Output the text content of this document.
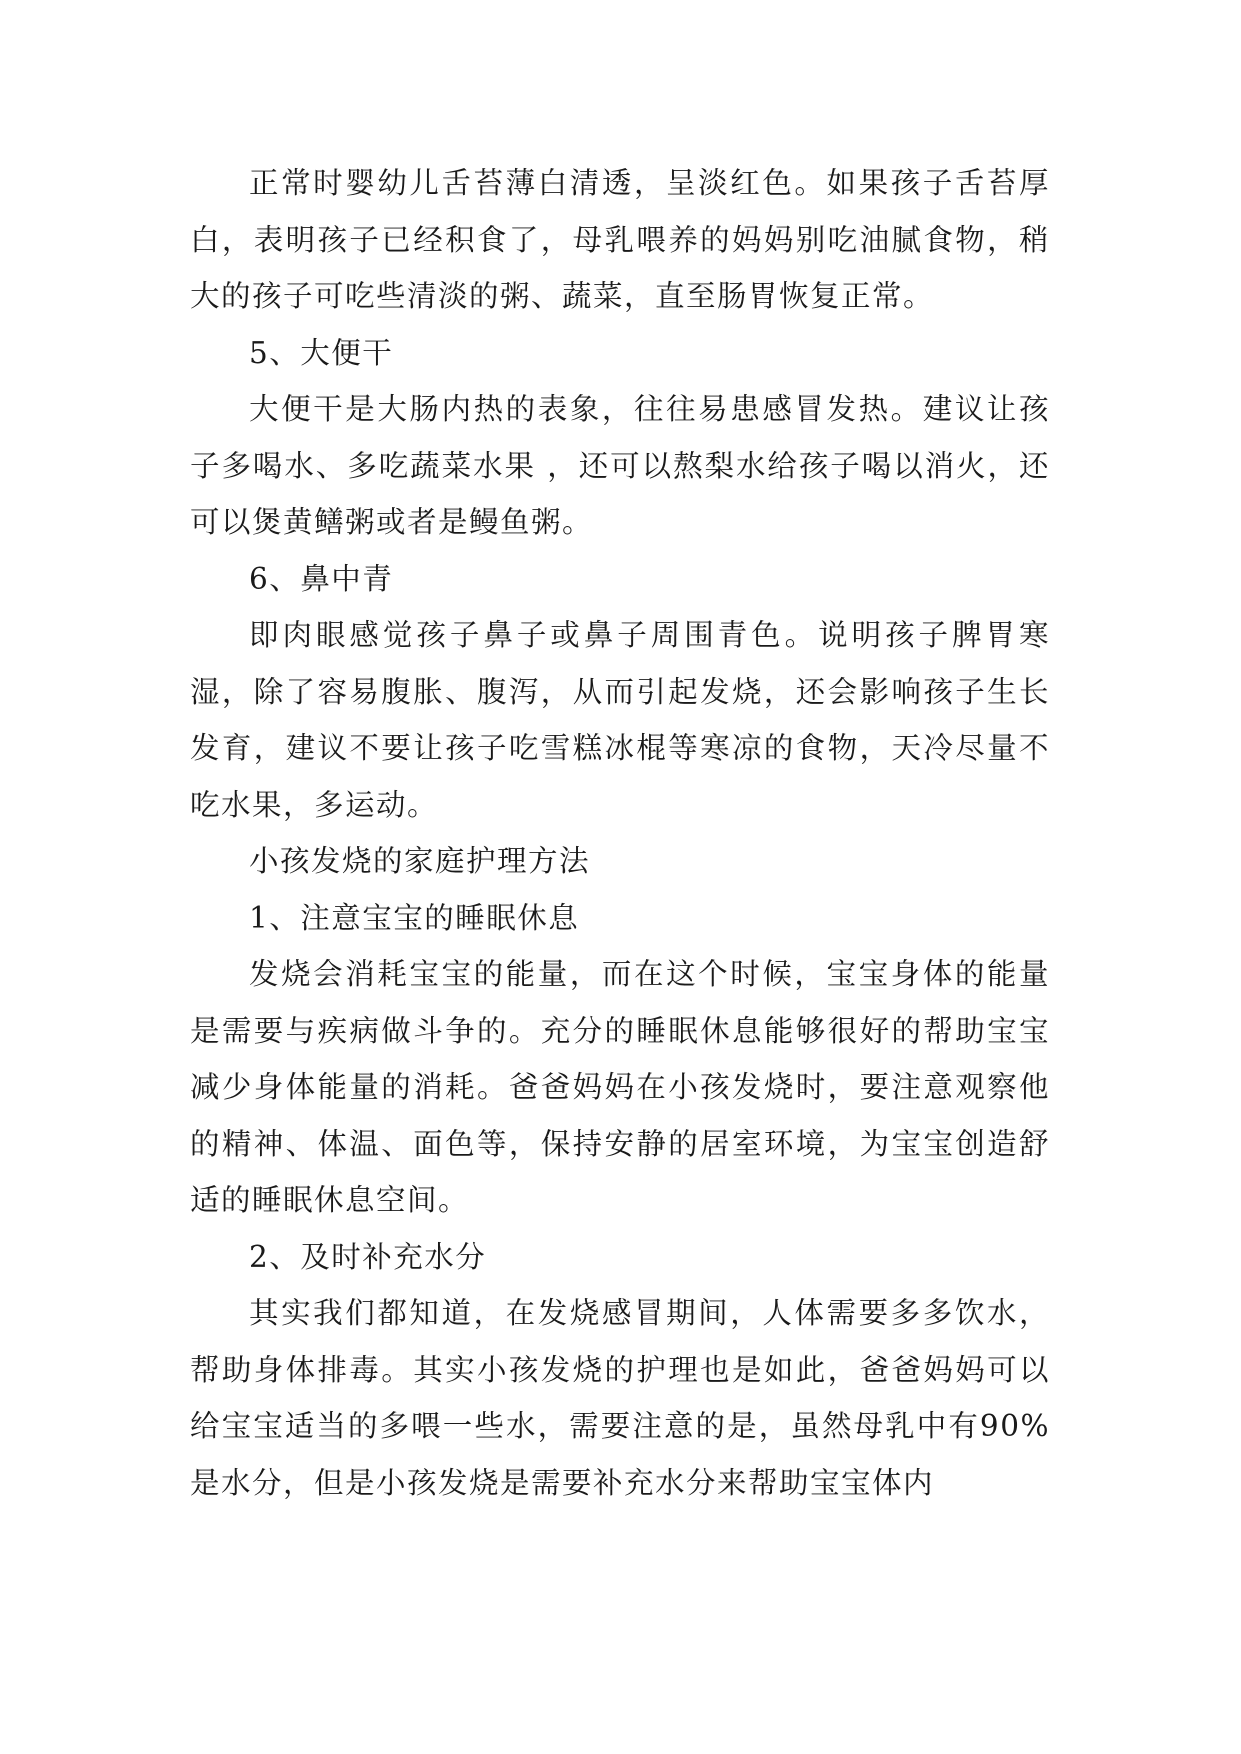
正常时婴幼儿舌苔薄白清透，呈淡红色。如果孩子舌苔厚白，表明孩子已经积食了，母乳喂养的妈妈别吃油腻食物，稍大的孩子可吃些清淡的粥、蔬菜，直至肠胃恢复正常。

5、大便干

大便干是大肠内热的表象，往往易患感冒发热。建议让孩子多喝水、多吃蔬菜水果 ，还可以熬梨水给孩子喝以消火，还可以煲黄鳝粥或者是鳗鱼粥。

6、鼻中青

即肉眼感觉孩子鼻子或鼻子周围青色。说明孩子脾胃寒湿，除了容易腹胀、腹泻，从而引起发烧，还会影响孩子生长发育，建议不要让孩子吃雪糕冰棍等寒凉的食物，天冷尽量不吃水果，多运动。

小孩发烧的家庭护理方法

1、注意宝宝的睡眠休息

发烧会消耗宝宝的能量，而在这个时候，宝宝身体的能量是需要与疾病做斗争的。充分的睡眠休息能够很好的帮助宝宝减少身体能量的消耗。爸爸妈妈在小孩发烧时，要注意观察他的精神、体温、面色等，保持安静的居室环境，为宝宝创造舒适的睡眠休息空间。

2、及时补充水分

其实我们都知道，在发烧感冒期间，人体需要多多饮水，帮助身体排毒。其实小孩发烧的护理也是如此，爸爸妈妈可以给宝宝适当的多喂一些水，需要注意的是，虽然母乳中有90%是水分，但是小孩发烧是需要补充水分来帮助宝宝体内
